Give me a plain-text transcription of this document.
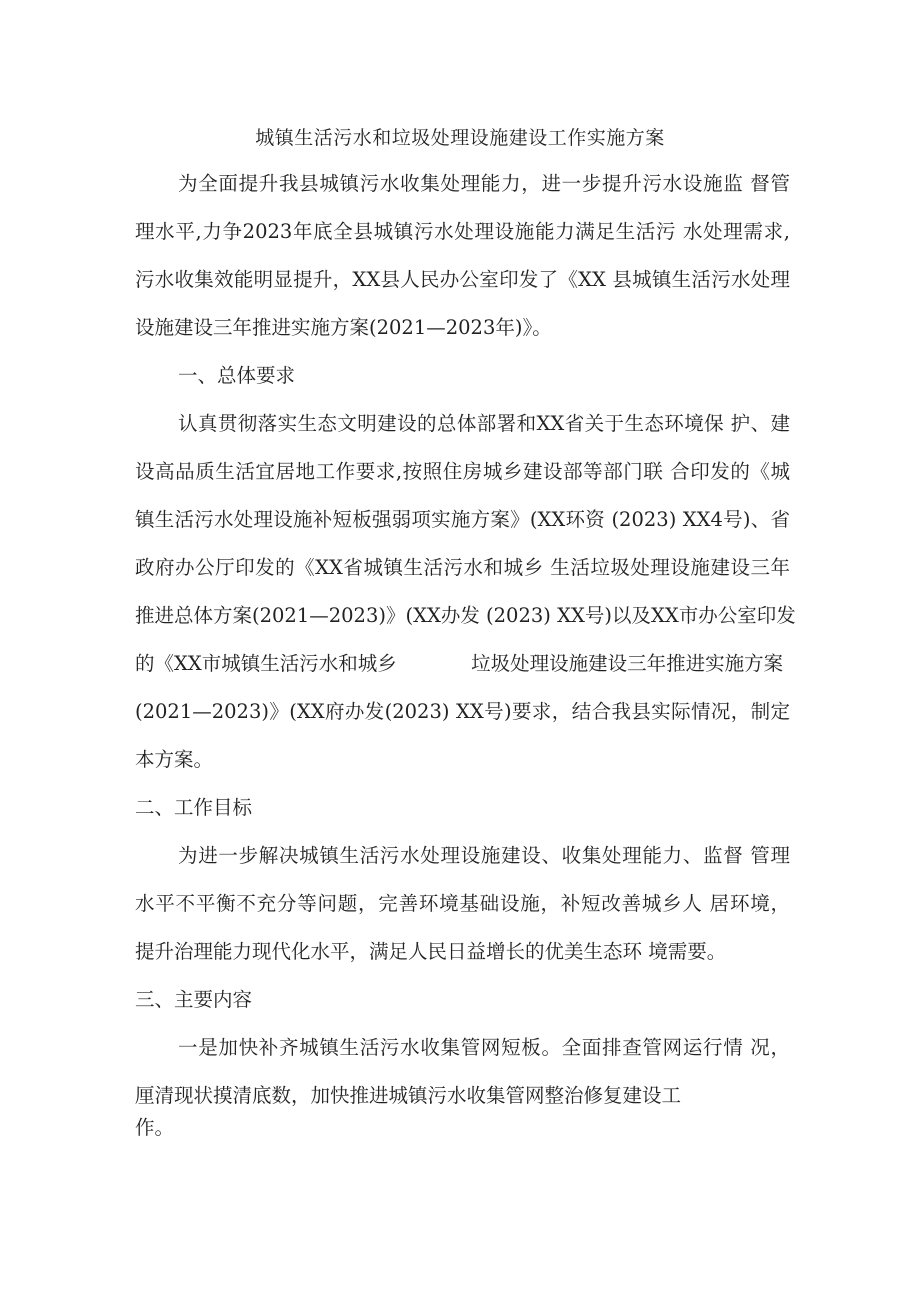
城镇生活污水和垃圾处理设施建设工作实施方案
为全面提升我县城镇污水收集处理能力，进一步提升污水设施监 督管
理水平,力争2023年底全县城镇污水处理设施能力满足生活污 水处理需求,
污水收集效能明显提升，XX县人民办公室印发了《XX 县城镇生活污水处理
设施建设三年推进实施方案(2021—2023年)》。
一、总体要求
认真贯彻落实生态文明建设的总体部署和XX省关于生态环境保 护、建
设高品质生活宜居地工作要求,按照住房城乡建设部等部门联 合印发的《城
镇生活污水处理设施补短板强弱项实施方案》(XX环资 (2023) XX4号)、省
政府办公厅印发的《XX省城镇生活污水和城乡 生活垃圾处理设施建设三年
推进总体方案(2021—2023)》(XX办发 (2023) XX号)以及XX市办公室印发
的《XX市城镇生活污水和城乡            垃圾处理设施建设三年推进实施方案
(2021—2023)》(XX府办发(2023) XX号)要求，结合我县实际情况，制定
本方案。
二、工作目标
为进一步解决城镇生活污水处理设施建设、收集处理能力、监督 管理
水平不平衡不充分等问题，完善环境基础设施，补短改善城乡人 居环境，
提升治理能力现代化水平，满足人民日益增长的优美生态环 境需要。
三、主要内容
一是加快补齐城镇生活污水收集管网短板。全面排查管网运行情 况，
厘清现状摸清底数，加快推进城镇污水收集管网整治修复建设工
作。
